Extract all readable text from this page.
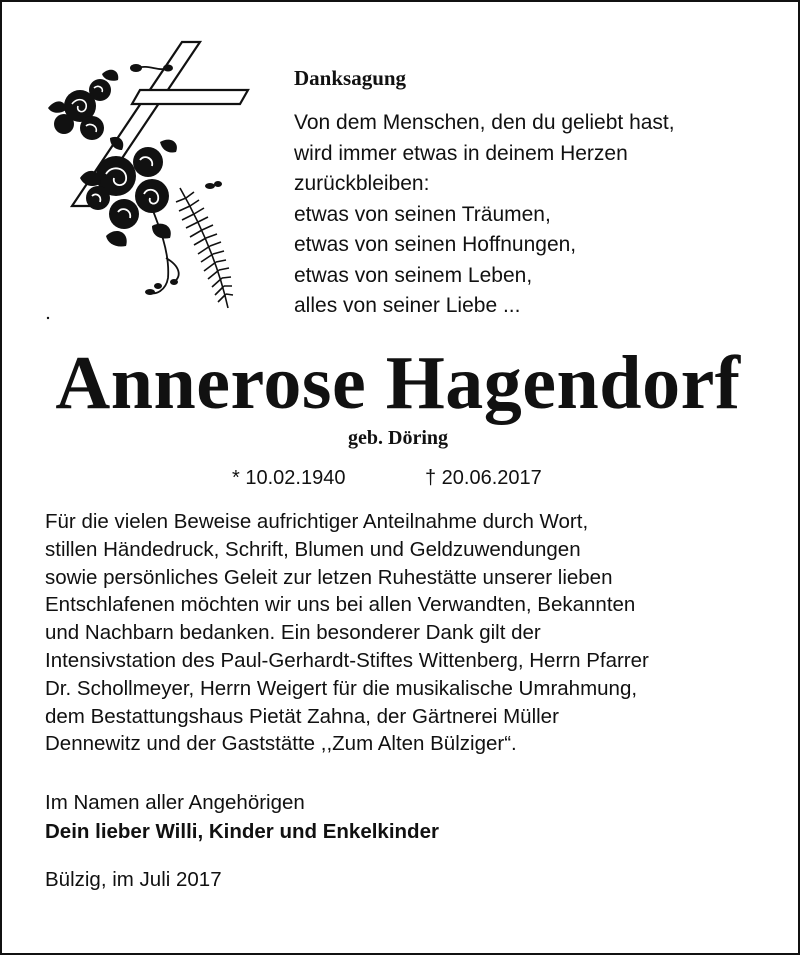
Danksagung
Von dem Menschen, den du geliebt hast,
wird immer etwas in deinem Herzen
zurückbleiben:
etwas von seinen Träumen,
etwas von seinen Hoffnungen,
etwas von seinem Leben,
alles von seiner Liebe ...
Annerose Hagendorf

geb. Döring

* 10.02.1940	† 20.06.2017
Für die vielen Beweise aufrichtiger Anteilnahme durch Wort,
stillen Händedruck, Schrift, Blumen und Geldzuwendungen
sowie persönliches Geleit zur letzen Ruhestätte unserer lieben
Entschlafenen möchten wir uns bei allen Verwandten, Bekannten
und Nachbarn bedanken. Ein besonderer Dank gilt der
Intensivstation des Paul-Gerhardt-Stiftes Wittenberg, Herrn Pfarrer
Dr. Schollmeyer, Herrn Weigert für die musikalische Umrahmung,
dem Bestattungshaus Pietät Zahna, der Gärtnerei Müller
Dennewitz und der Gaststätte ,,Zum Alten Bülziger“.

Im Namen aller Angehörigen

Dein lieber Willi, Kinder und Enkelkinder

Bülzig, im Juli 2017
